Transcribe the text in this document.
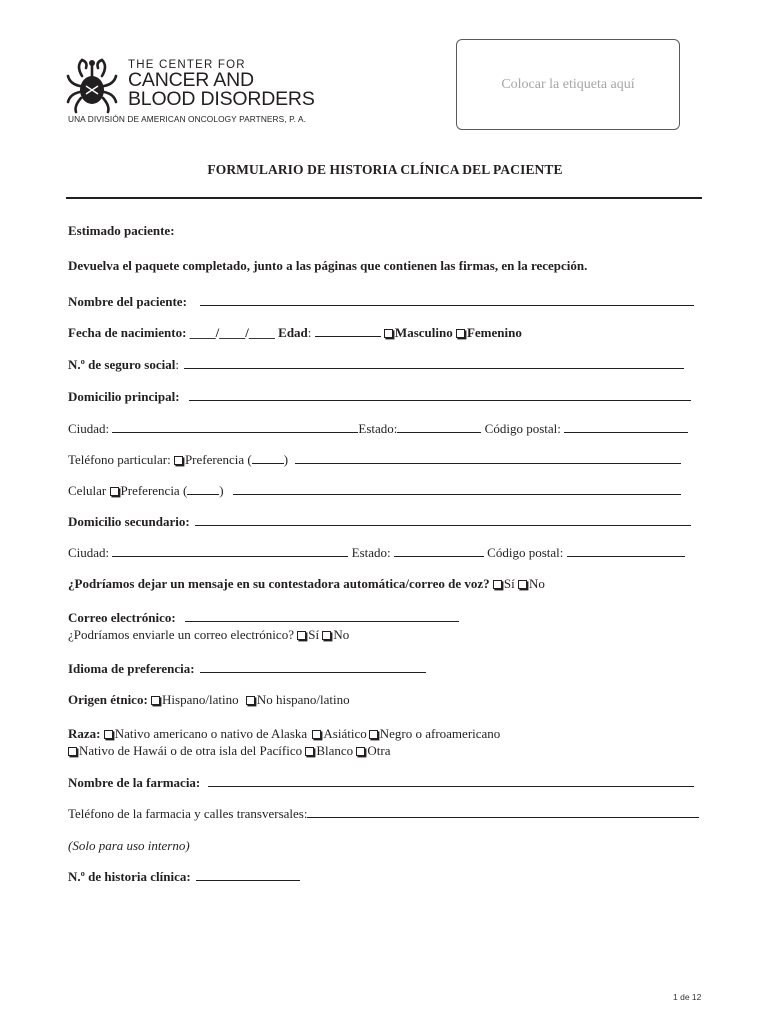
THE CENTER FOR
CANCER AND
BLOOD DISORDERS
UNA DIVISIÓN DE AMERICAN ONCOLOGY PARTNERS, P. A.
Colocar la etiqueta aquí
FORMULARIO DE HISTORIA CLÍNICA DEL PACIENTE
Estimado paciente:
Devuelva el paquete completado, junto a las páginas que contienen las firmas, en la recepción.
Nombre del paciente:
Fecha de nacimiento: ____/____/____ Edad:	Masculino Femenino
N.º de seguro social:
Domicilio principal:
Ciudad:	Estado:	Código postal:
Teléfono particular: Preferencia ( )
Celular Preferencia ( )
Domicilio secundario:
Ciudad:	Estado:	Código postal:
¿Podríamos dejar un mensaje en su contestadora automática/correo de voz? Sí No
Correo electrónico:
¿Podríamos enviarle un correo electrónico? Sí No
Idioma de preferencia:
Origen étnico: Hispano/latino No hispano/latino
Raza: Nativo americano o nativo de Alaska Asiático Negro o afroamericano
Nativo de Hawái o de otra isla del Pacífico Blanco Otra
Nombre de la farmacia:
Teléfono de la farmacia y calles transversales:
(Solo para uso interno)
N.º de historia clínica:
1 de 12
